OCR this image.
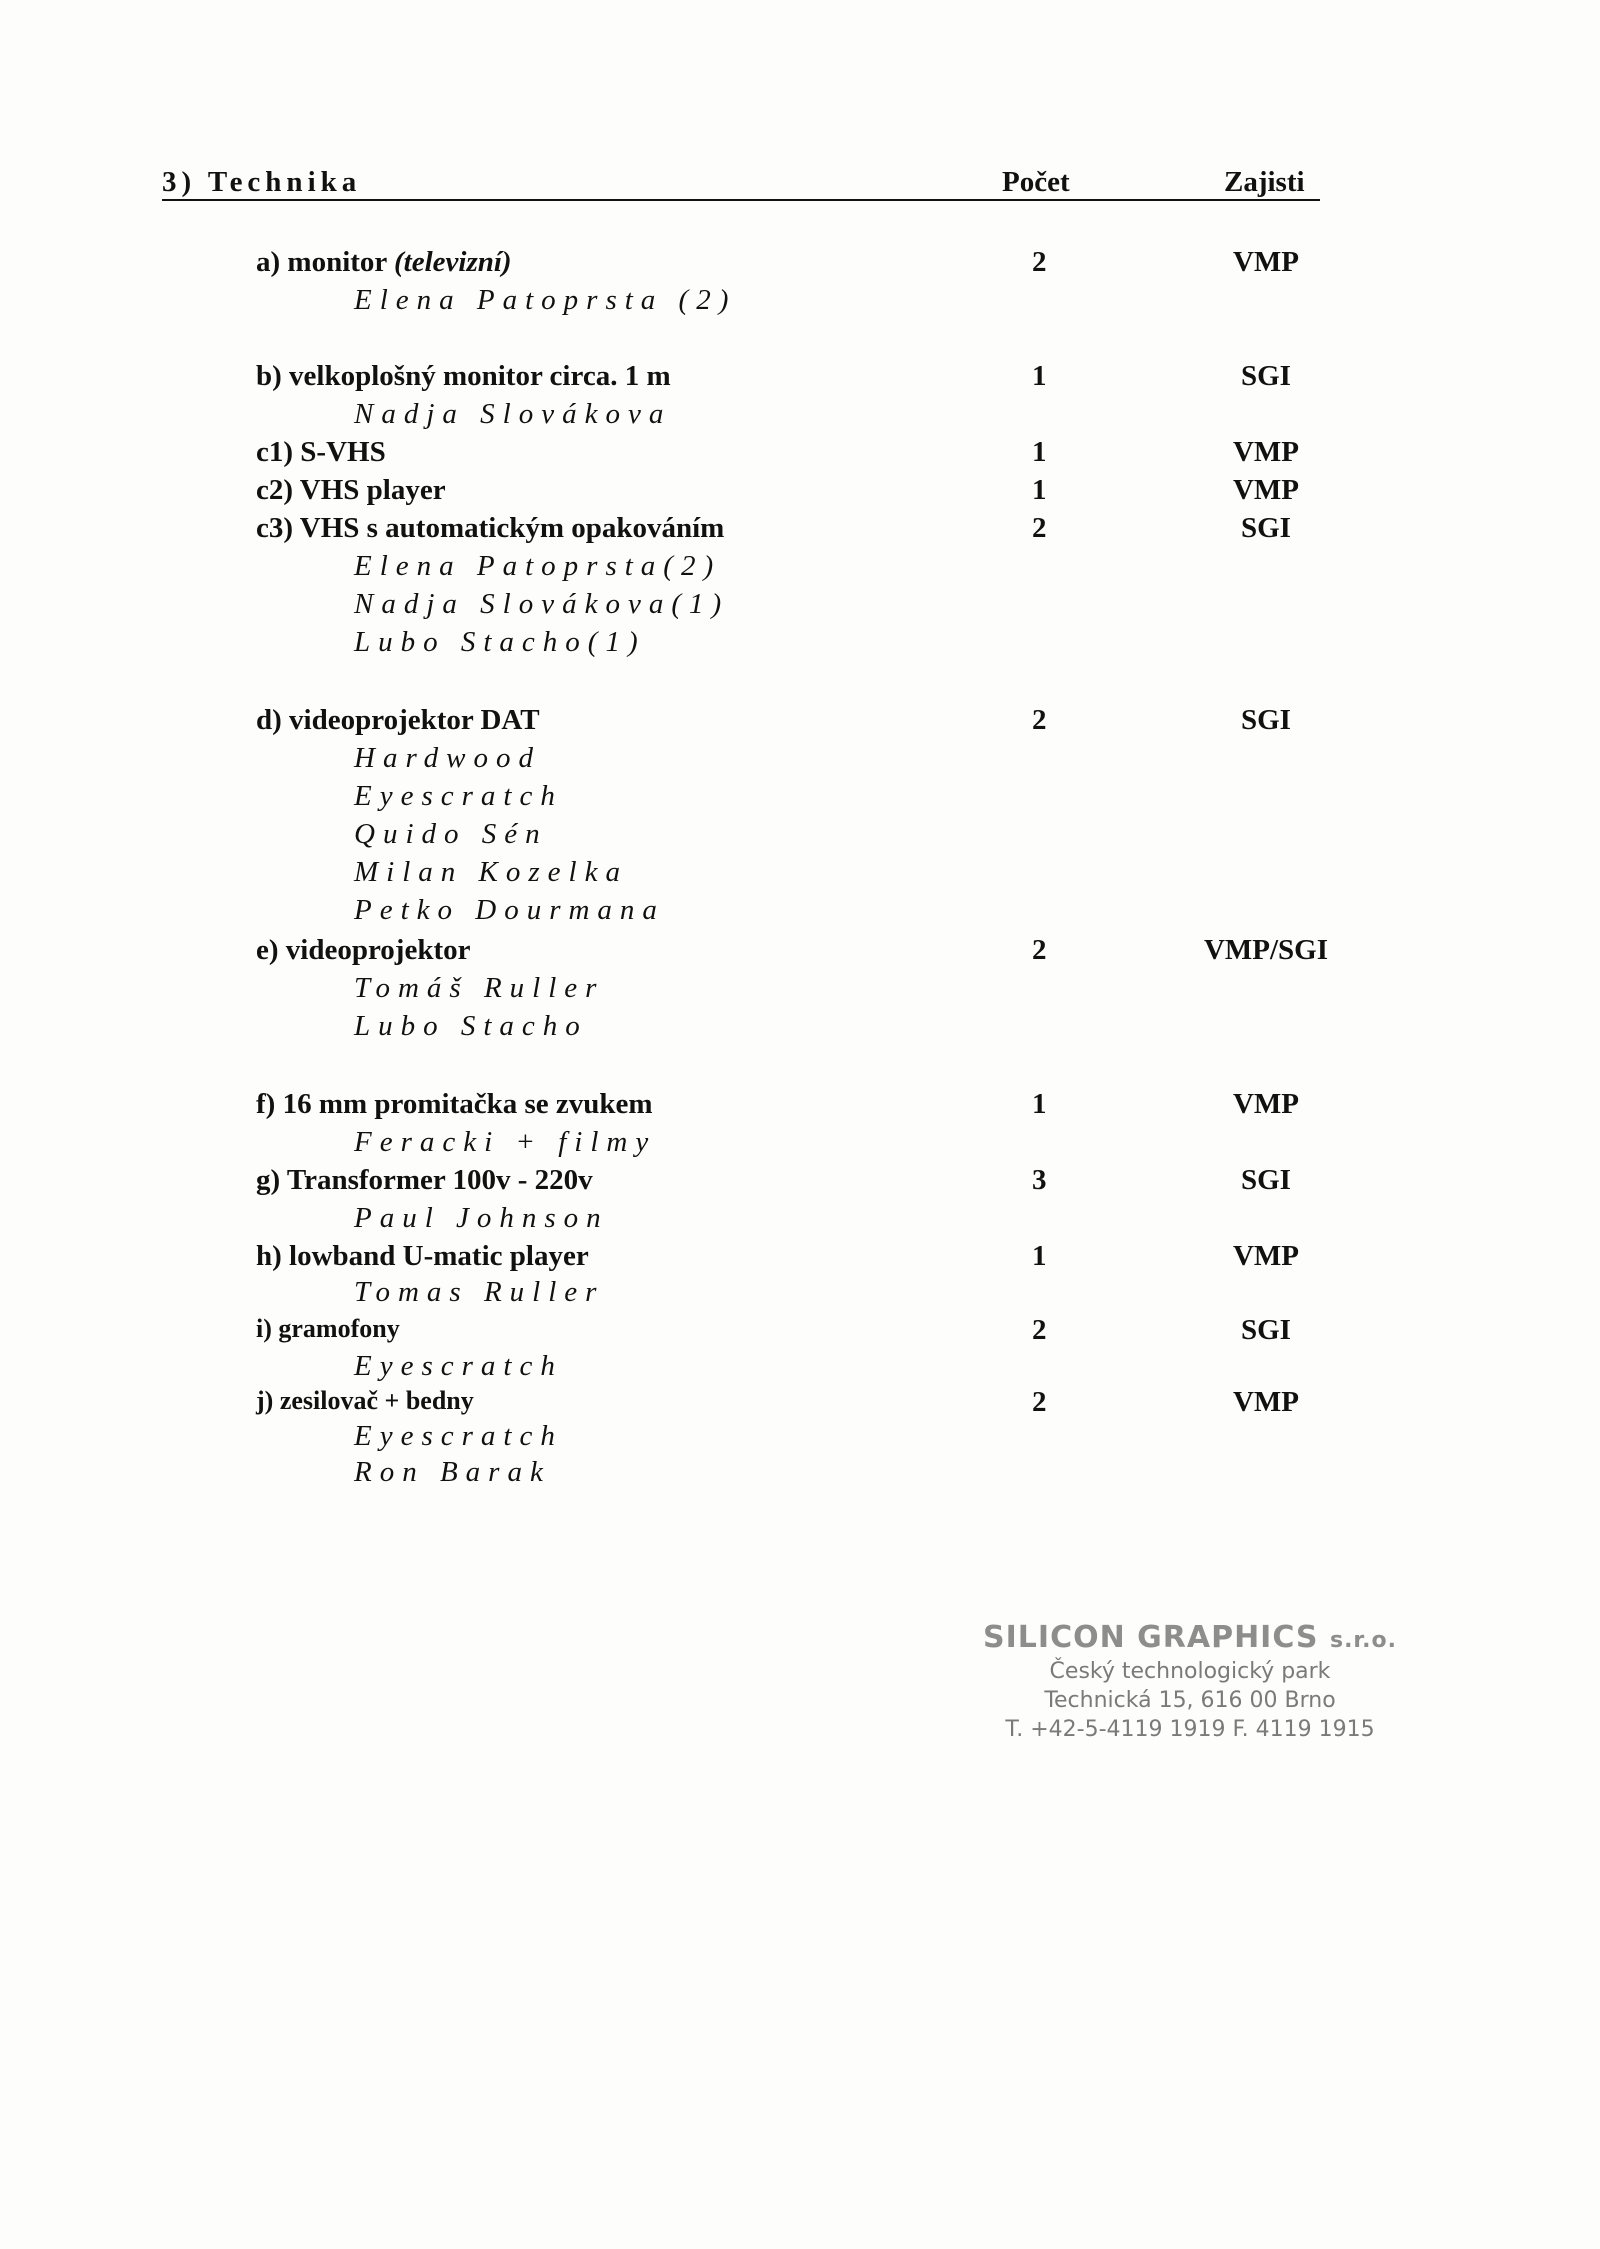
3) Technika	Počet	Zajisti
a) monitor (televizní)	2	VMP
Elena Patoprsta (2)
b) velkoplošný monitor circa. 1 m	1	SGI
Nadja Slovákova
c1) S-VHS	1	VMP
c2) VHS player	1	VMP
c3) VHS s automatickým opakováním	2	SGI
Elena Patoprsta(2)
Nadja Slovákova(1)
Lubo Stacho(1)
d) videoprojektor DAT	2	SGI
Hardwood
Eyescratch
Quido Sén
Milan Kozelka
Petko Dourmana
e) videoprojektor	2	VMP/SGI
Tomáš Ruller
Lubo Stacho
f) 16 mm promitačka se zvukem	1	VMP
Feracki + filmy
g) Transformer 100v - 220v	3	SGI
Paul Johnson
h) lowband U-matic player	1	VMP
Tomas Ruller
i) gramofony	2	SGI
Eyescratch
j) zesilovač + bedny	2	VMP
Eyescratch
Ron Barak
SILICON GRAPHICS s.r.o.
Český technologický park
Technická 15, 616 00 Brno
T. +42-5-4119 1919 F. 4119 1915
